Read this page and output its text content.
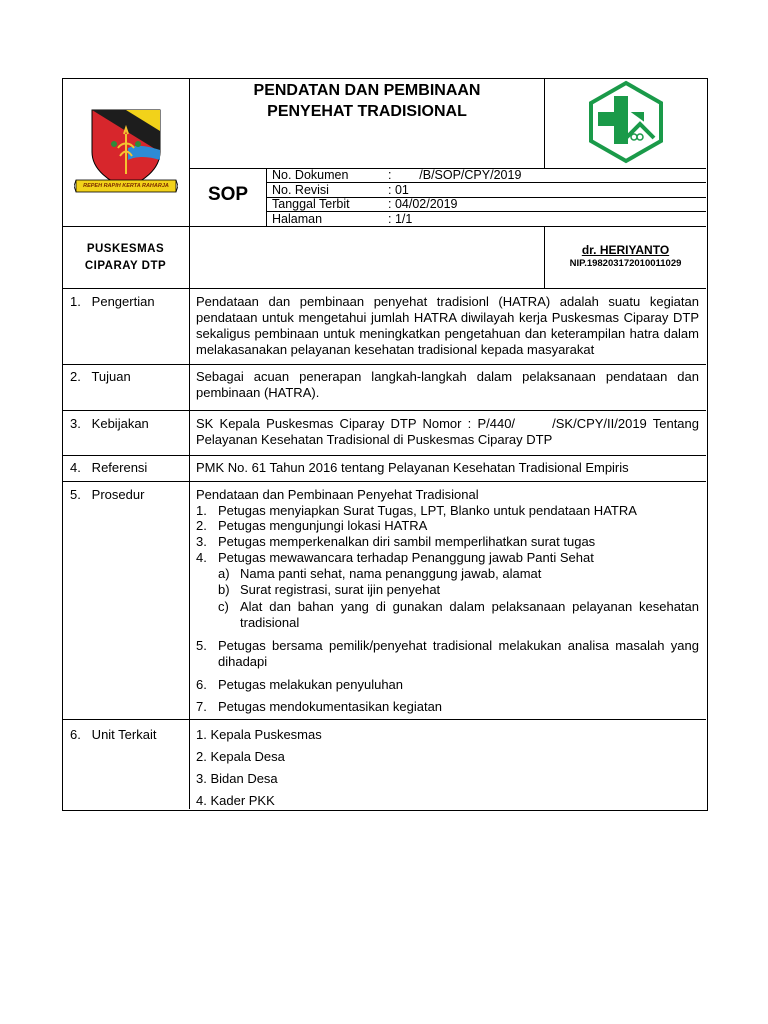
REPEH RAPIH KERTA RAHARJA
PENDATAN DAN PEMBINAAN
PENYEHAT TRADISIONAL
SOP
No. Dokumen	:        /B/SOP/CPY/2019
No. Revisi	: 01
Tanggal Terbit	: 04/02/2019
Halaman	: 1/1
PUSKESMAS
CIPARAY DTP
dr. HERIYANTO
NIP.198203172010011029
1.   Pengertian	Pendataan dan pembinaan penyehat tradisionl (HATRA) adalah suatu kegiatan pendataan untuk mengetahui jumlah HATRA diwilayah kerja Puskesmas Ciparay DTP sekaligus pembinaan untuk meningkatkan pengetahuan dan keterampilan hatra dalam melakasanakan pelayanan kesehatan tradisional kepada masyarakat
2.   Tujuan	Sebagai acuan penerapan langkah-langkah dalam pelaksanaan pendataan dan pembinaan (HATRA).
3.   Kebijakan	SK Kepala Puskesmas Ciparay DTP Nomor : P/440/      /SK/CPY/II/2019 Tentang Pelayanan Kesehatan Tradisional di Puskesmas Ciparay DTP
4.   Referensi	PMK No. 61 Tahun 2016 tentang Pelayanan Kesehatan Tradisional Empiris
5.   Prosedur	Pendataan dan Pembinaan Penyehat Tradisional
1. Petugas menyiapkan Surat Tugas, LPT, Blanko untuk pendataan HATRA
2. Petugas mengunjungi lokasi HATRA
3. Petugas memperkenalkan diri sambil memperlihatkan surat tugas
4. Petugas mewawancara terhadap Penanggung jawab Panti Sehat
a) Nama panti sehat, nama penanggung jawab, alamat
b) Surat registrasi, surat ijin penyehat
c) Alat dan bahan yang di gunakan dalam pelaksanaan pelayanan kesehatan tradisional
5. Petugas bersama pemilik/penyehat tradisional melakukan analisa masalah yang dihadapi
6. Petugas melakukan penyuluhan
7. Petugas mendokumentasikan kegiatan
6.   Unit Terkait	1. Kepala Puskesmas
2. Kepala Desa
3. Bidan Desa
4. Kader PKK
